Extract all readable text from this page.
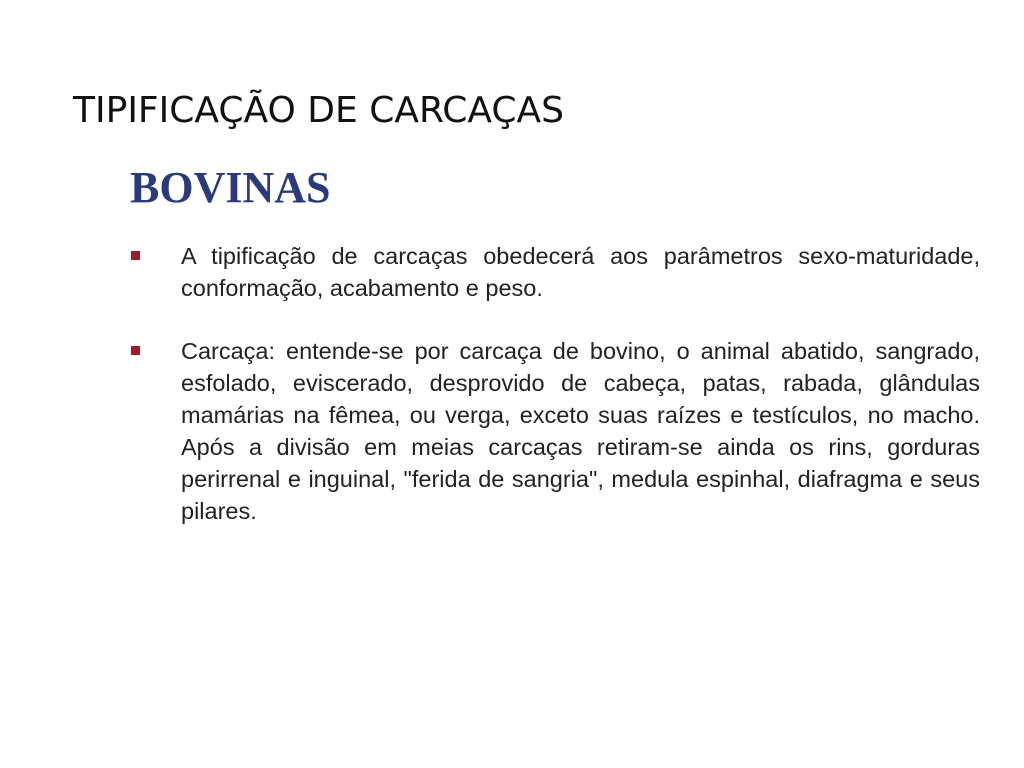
TIPIFICAÇÃO DE CARCAÇAS
BOVINAS
A tipificação de carcaças obedecerá aos parâmetros sexo-maturidade, conformação, acabamento e peso.
Carcaça: entende-se por carcaça de bovino, o animal abatido, sangrado, esfolado, eviscerado, desprovido de cabeça, patas, rabada, glândulas mamárias na fêmea, ou verga, exceto suas raízes e testículos, no macho. Após a divisão em meias carcaças retiram-se ainda os rins, gorduras perirrenal e inguinal, "ferida de sangria", medula espinhal, diafragma e seus pilares.
